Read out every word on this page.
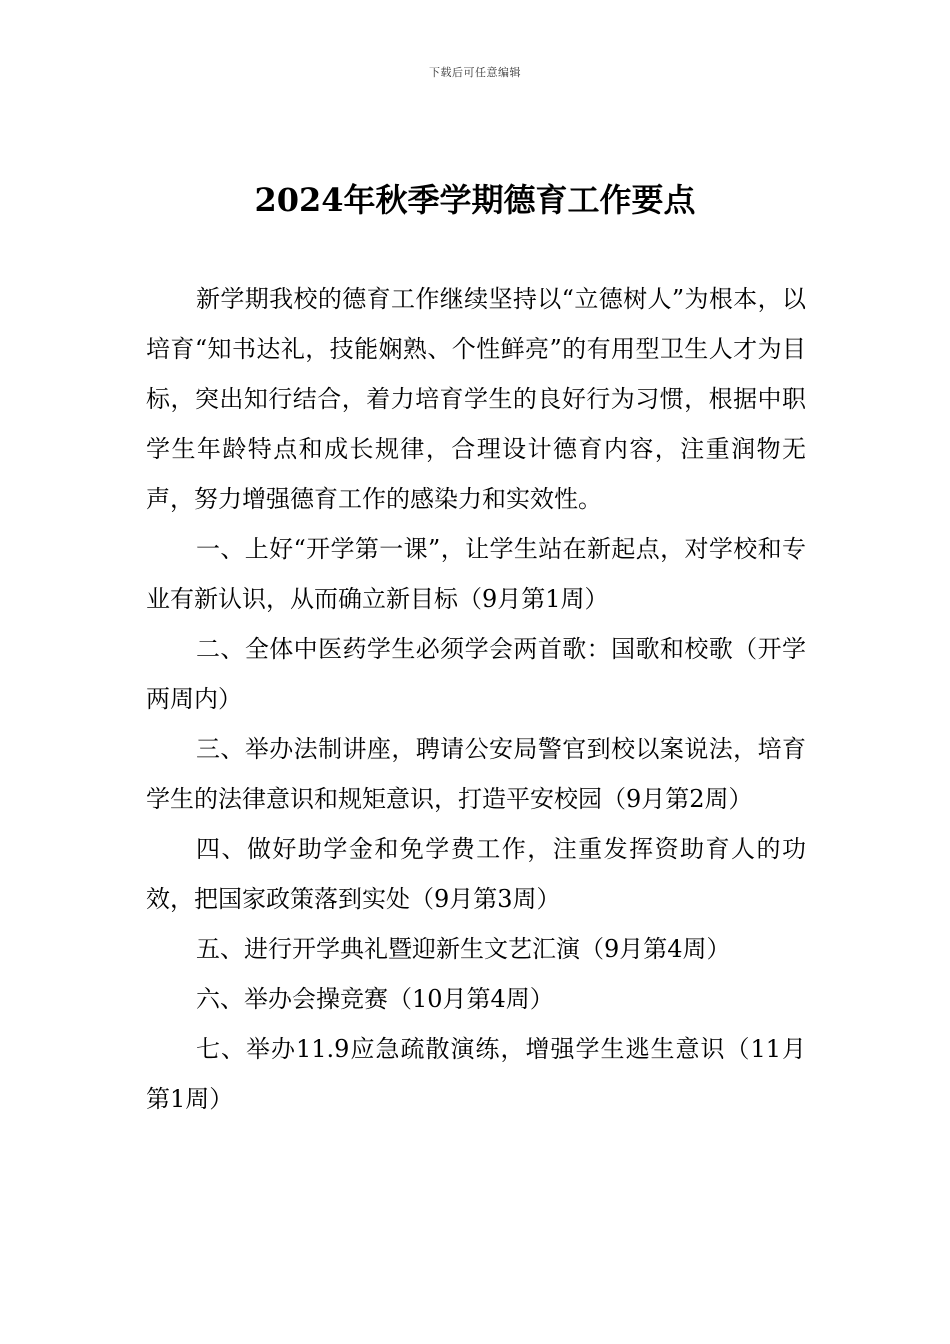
下载后可任意编辑
2024年秋季学期德育工作要点

新学期我校的德育工作继续坚持以“立德树人”为根本，以培育“知书达礼，技能娴熟、个性鲜亮”的有用型卫生人才为目标，突出知行结合，着力培育学生的良好行为习惯，根据中职学生年龄特点和成长规律，合理设计德育内容，注重润物无声，努力增强德育工作的感染力和实效性。

一、上好“开学第一课”，让学生站在新起点，对学校和专业有新认识，从而确立新目标（9月第1周）

二、全体中医药学生必须学会两首歌：国歌和校歌（开学两周内）

三、举办法制讲座，聘请公安局警官到校以案说法，培育学生的法律意识和规矩意识，打造平安校园（9月第2周）

四、做好助学金和免学费工作，注重发挥资助育人的功效，把国家政策落到实处（9月第3周）

五、进行开学典礼暨迎新生文艺汇演（9月第4周）

六、举办会操竞赛（10月第4周）

七、举办11.9应急疏散演练，增强学生逃生意识（11月第1周）
